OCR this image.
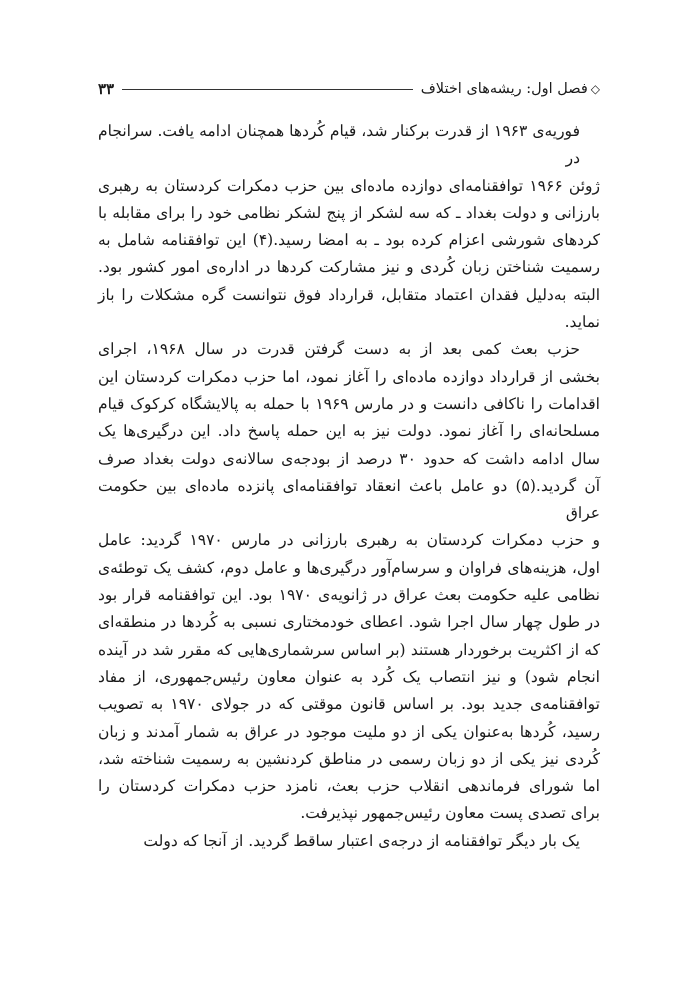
◇
فصل اول: ریشه‌های اختلاف
۳۳

فوریه‌ی ۱۹۶۳ از قدرت برکنار شد، قیام کُردها همچنان ادامه یافت. سرانجام در
ژوئن ۱۹۶۶ توافقنامه‌ای دوازده ماده‌ای بین حزب دمکرات کردستان به رهبری
بارزانی و دولت بغداد ـ که سه لشکر از پنج لشکر نظامی خود را برای مقابله با
کردهای شورشی اعزام کرده بود ـ به امضا رسید.(۴) این توافقنامه شامل به
رسمیت شناختن زبان کُردی و نیز مشارکت کردها در اداره‌ی امور کشور بود.
البته به‌دلیل فقدان اعتماد متقابل، قرارداد فوق نتوانست گره مشکلات را باز
نماید.

حزب بعث کمی بعد از به دست گرفتن قدرت در سال ۱۹۶۸، اجرای
بخشی از قرارداد دوازده ماده‌ای را آغاز نمود، اما حزب دمکرات کردستان این
اقدامات را ناکافی دانست و در مارس ۱۹۶۹ با حمله به پالایشگاه کرکوک قیام
مسلحانه‌ای را آغاز نمود. دولت نیز به این حمله پاسخ داد. این درگیری‌ها یک
سال ادامه داشت که حدود ۳۰ درصد از بودجه‌ی سالانه‌ی دولت بغداد صرف
آن گردید.(۵) دو عامل باعث انعقاد توافقنامه‌ای پانزده ماده‌ای بین حکومت عراق
و حزب دمکرات کردستان به رهبری بارزانی در مارس ۱۹۷۰ گردید: عامل
اول، هزینه‌های فراوان و سرسام‌آور درگیری‌ها و عامل دوم، کشف یک توطئه‌ی
نظامی علیه حکومت بعث عراق در ژانویه‌ی ۱۹۷۰ بود. این توافقنامه قرار بود
در طول چهار سال اجرا شود. اعطای خودمختاری نسبی به کُردها در منطقه‌ای
که از اکثریت برخوردار هستند (بر اساس سرشماری‌هایی که مقرر شد در آینده
انجام شود) و نیز انتصاب یک کُرد به عنوان معاون رئیس‌جمهوری، از مفاد
توافقنامه‌ی جدید بود. بر اساس قانون موقتی که در جولای ۱۹۷۰ به تصویب
رسید، کُردها به‌عنوان یکی از دو ملیت موجود در عراق به شمار آمدند و زبان
کُردی نیز یکی از دو زبان رسمی در مناطق کردنشین به رسمیت شناخته شد،
اما شورای فرماندهی انقلاب حزب بعث، نامزد حزب دمکرات کردستان را
برای تصدی پست معاون رئیس‌جمهور نپذیرفت.

یک بار دیگر توافقنامه از درجه‌ی اعتبار ساقط گردید. از آنجا که دولت
